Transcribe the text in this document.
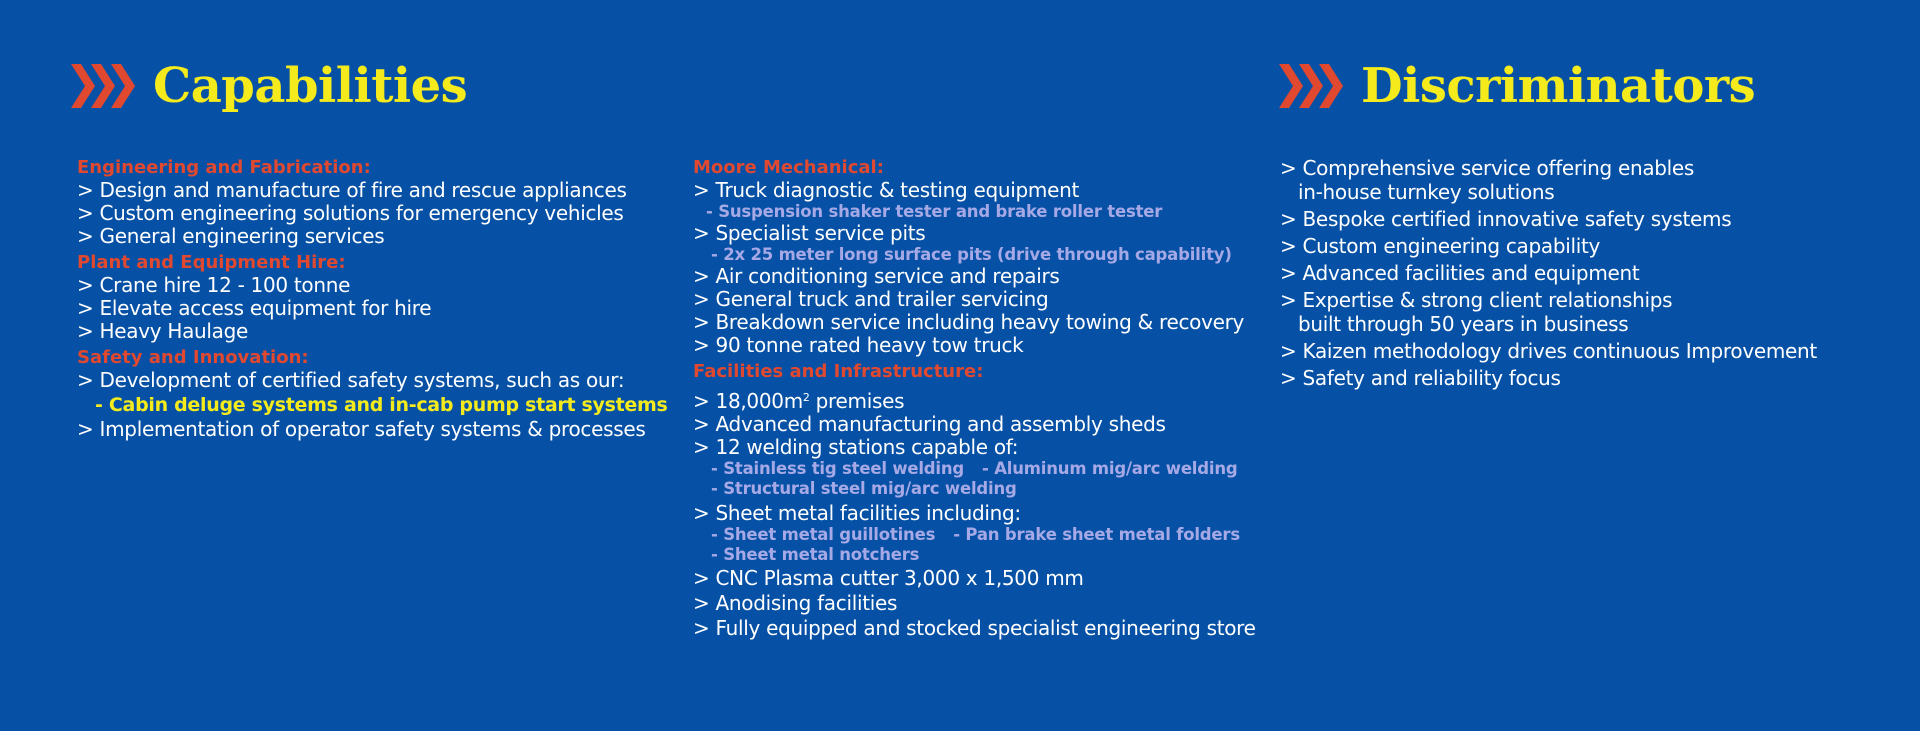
Capabilities	Discriminators
Engineering and Fabrication:
> Design and manufacture of fire and rescue appliances
> Custom engineering solutions for emergency vehicles
> General engineering services
Plant and Equipment Hire:
> Crane hire 12 - 100 tonne
> Elevate access equipment for hire
> Heavy Haulage
Safety and Innovation:
> Development of certified safety systems, such as our:
- Cabin deluge systems and in-cab pump start systems
> Implementation of operator safety systems & processes
Moore Mechanical:
> Truck diagnostic & testing equipment
- Suspension shaker tester and brake roller tester
> Specialist service pits
- 2x 25 meter long surface pits (drive through capability)
> Air conditioning service and repairs
> General truck and trailer servicing
> Breakdown service including heavy towing & recovery
> 90 tonne rated heavy tow truck
Facilities and Infrastructure:
> $18,000m^2$ premises
> Advanced manufacturing and assembly sheds
> 12 welding stations capable of:
- Stainless tig steel welding - Aluminum mig/arc welding
- Structural steel mig/arc welding
> Sheet metal facilities including:
- Sheet metal guillotines - Pan brake sheet metal folders
- Sheet metal notchers
> CNC Plasma cutter 3,000 x 1,500 mm
> Anodising facilities
> Fully equipped and stocked specialist engineering store
> Comprehensive service offering enables
in-house turnkey solutions
> Bespoke certified innovative safety systems
> Custom engineering capability
> Advanced facilities and equipment
> Expertise & strong client relationships
built through 50 years in business
> Kaizen methodology drives continuous Improvement
> Safety and reliability focus
